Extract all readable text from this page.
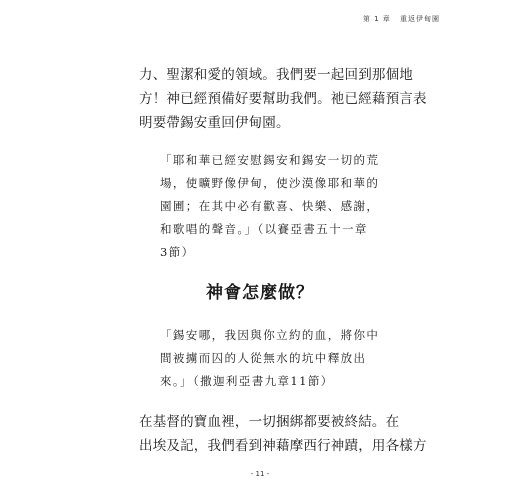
第 1 章 重返伊甸園

力、聖潔和愛的領域。我們要一起回到那個地
方！神已經預備好要幫助我們。祂已經藉預言表
明要帶錫安重回伊甸園。

「耶和華已經安慰錫安和錫安一切的荒
場，使曠野像伊甸，使沙漠像耶和華的
園圃；在其中必有歡喜、快樂、感謝，
和歌唱的聲音。」（以賽亞書五十一章
3節）
神會怎麼做？
「錫安哪，我因與你立約的血，將你中
間被擄而囚的人從無水的坑中釋放出
來。」（撒迦利亞書九章11節）

在基督的寶血裡，一切捆綁都要被終結。在
出埃及記，我們看到神藉摩西行神蹟，用各樣方

- 11 -
